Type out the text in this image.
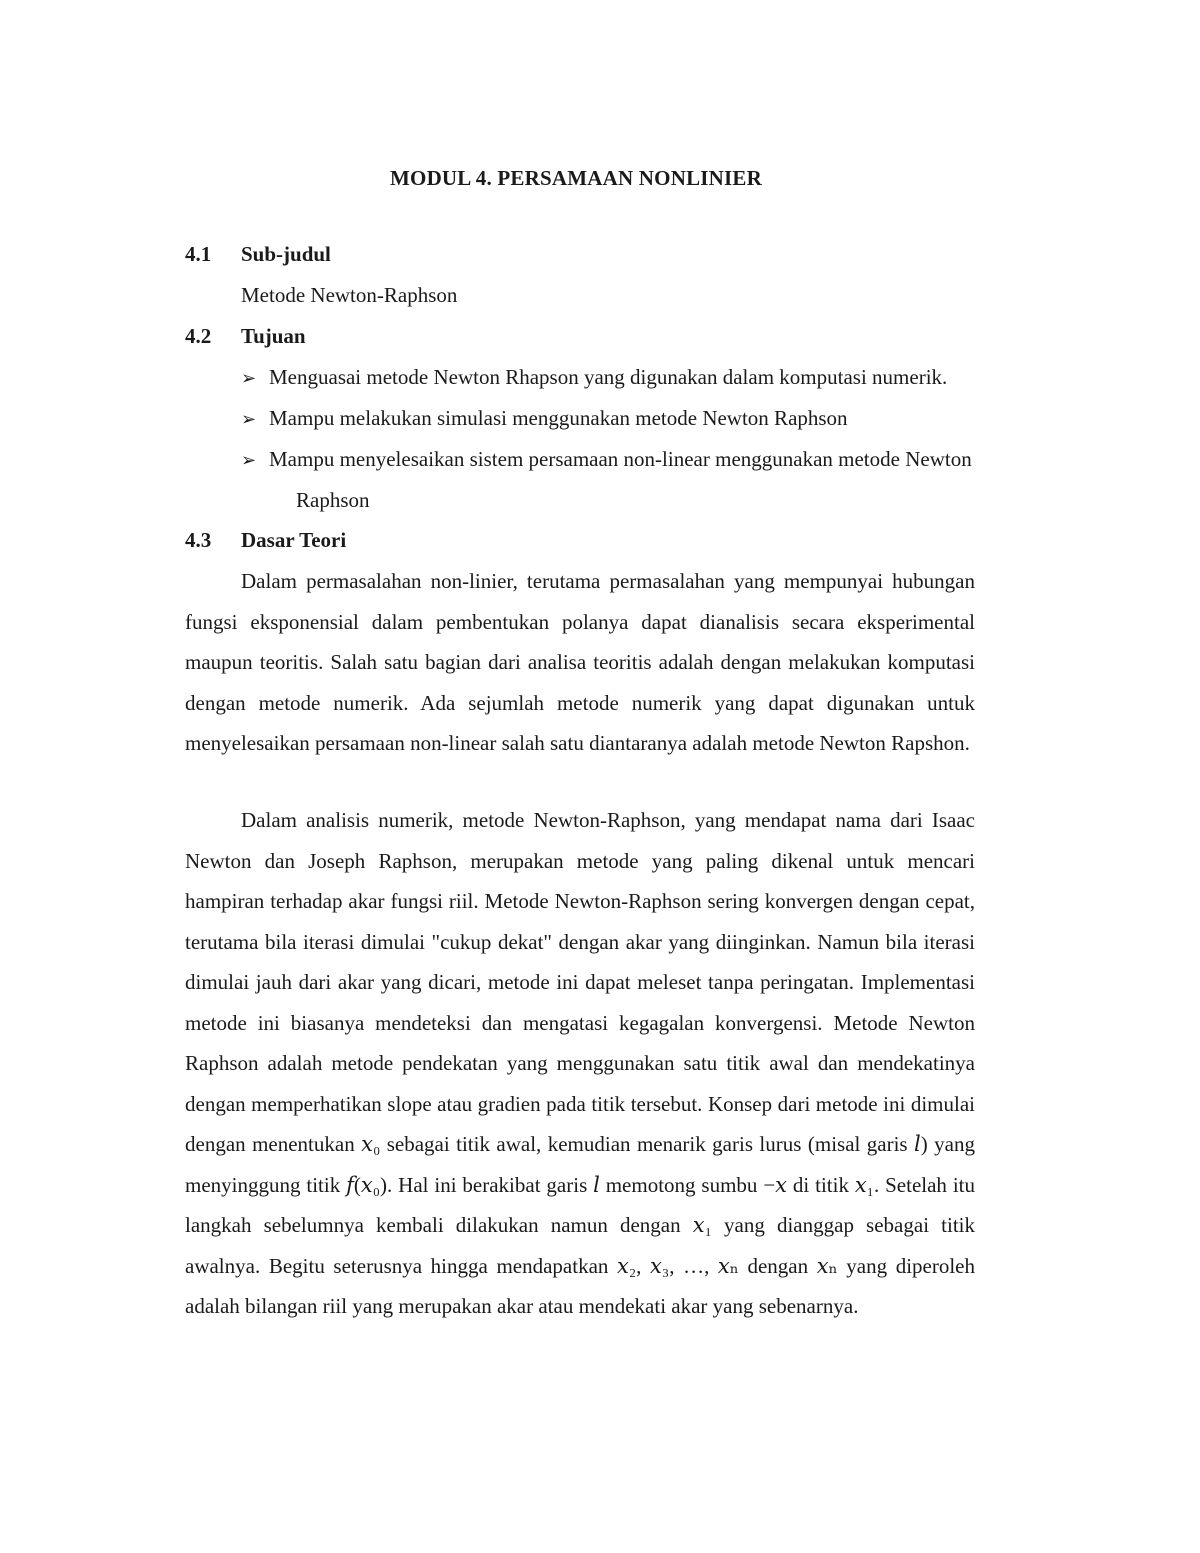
MODUL 4. PERSAMAAN NONLINIER
4.1 Sub-judul
Metode Newton-Raphson
4.2 Tujuan
➢ Menguasai metode Newton Rhapson yang digunakan dalam komputasi numerik.
➢ Mampu melakukan simulasi menggunakan metode Newton Raphson
➢ Mampu menyelesaikan sistem persamaan non-linear menggunakan metode Newton
Raphson
4.3 Dasar Teori

Dalam permasalahan non-linier, terutama permasalahan yang mempunyai hubungan fungsi eksponensial dalam pembentukan polanya dapat dianalisis secara eksperimental maupun teoritis. Salah satu bagian dari analisa teoritis adalah dengan melakukan komputasi dengan metode numerik. Ada sejumlah metode numerik yang dapat digunakan untuk menyelesaikan persamaan non-linear salah satu diantaranya adalah metode Newton Rapshon.

Dalam analisis numerik, metode Newton-Raphson, yang mendapat nama dari Isaac Newton dan Joseph Raphson, merupakan metode yang paling dikenal untuk mencari hampiran terhadap akar fungsi riil. Metode Newton-Raphson sering konvergen dengan cepat, terutama bila iterasi dimulai "cukup dekat" dengan akar yang diinginkan. Namun bila iterasi dimulai jauh dari akar yang dicari, metode ini dapat meleset tanpa peringatan. Implementasi metode ini biasanya mendeteksi dan mengatasi kegagalan konvergensi. Metode Newton Raphson adalah metode pendekatan yang menggunakan satu titik awal dan mendekatinya dengan memperhatikan slope atau gradien pada titik tersebut. Konsep dari metode ini dimulai dengan menentukan 𝑥₀ sebagai titik awal, kemudian menarik garis lurus (misal garis 𝑙) yang menyinggung titik 𝑓(𝑥₀). Hal ini berakibat garis 𝑙 memotong sumbu −𝑥 di titik 𝑥₁. Setelah itu langkah sebelumnya kembali dilakukan namun dengan 𝑥₁ yang dianggap sebagai titik awalnya. Begitu seterusnya hingga mendapatkan 𝑥₂, 𝑥₃, …, 𝑥ₙ dengan 𝑥ₙ yang diperoleh adalah bilangan riil yang merupakan akar atau mendekati akar yang sebenarnya.
